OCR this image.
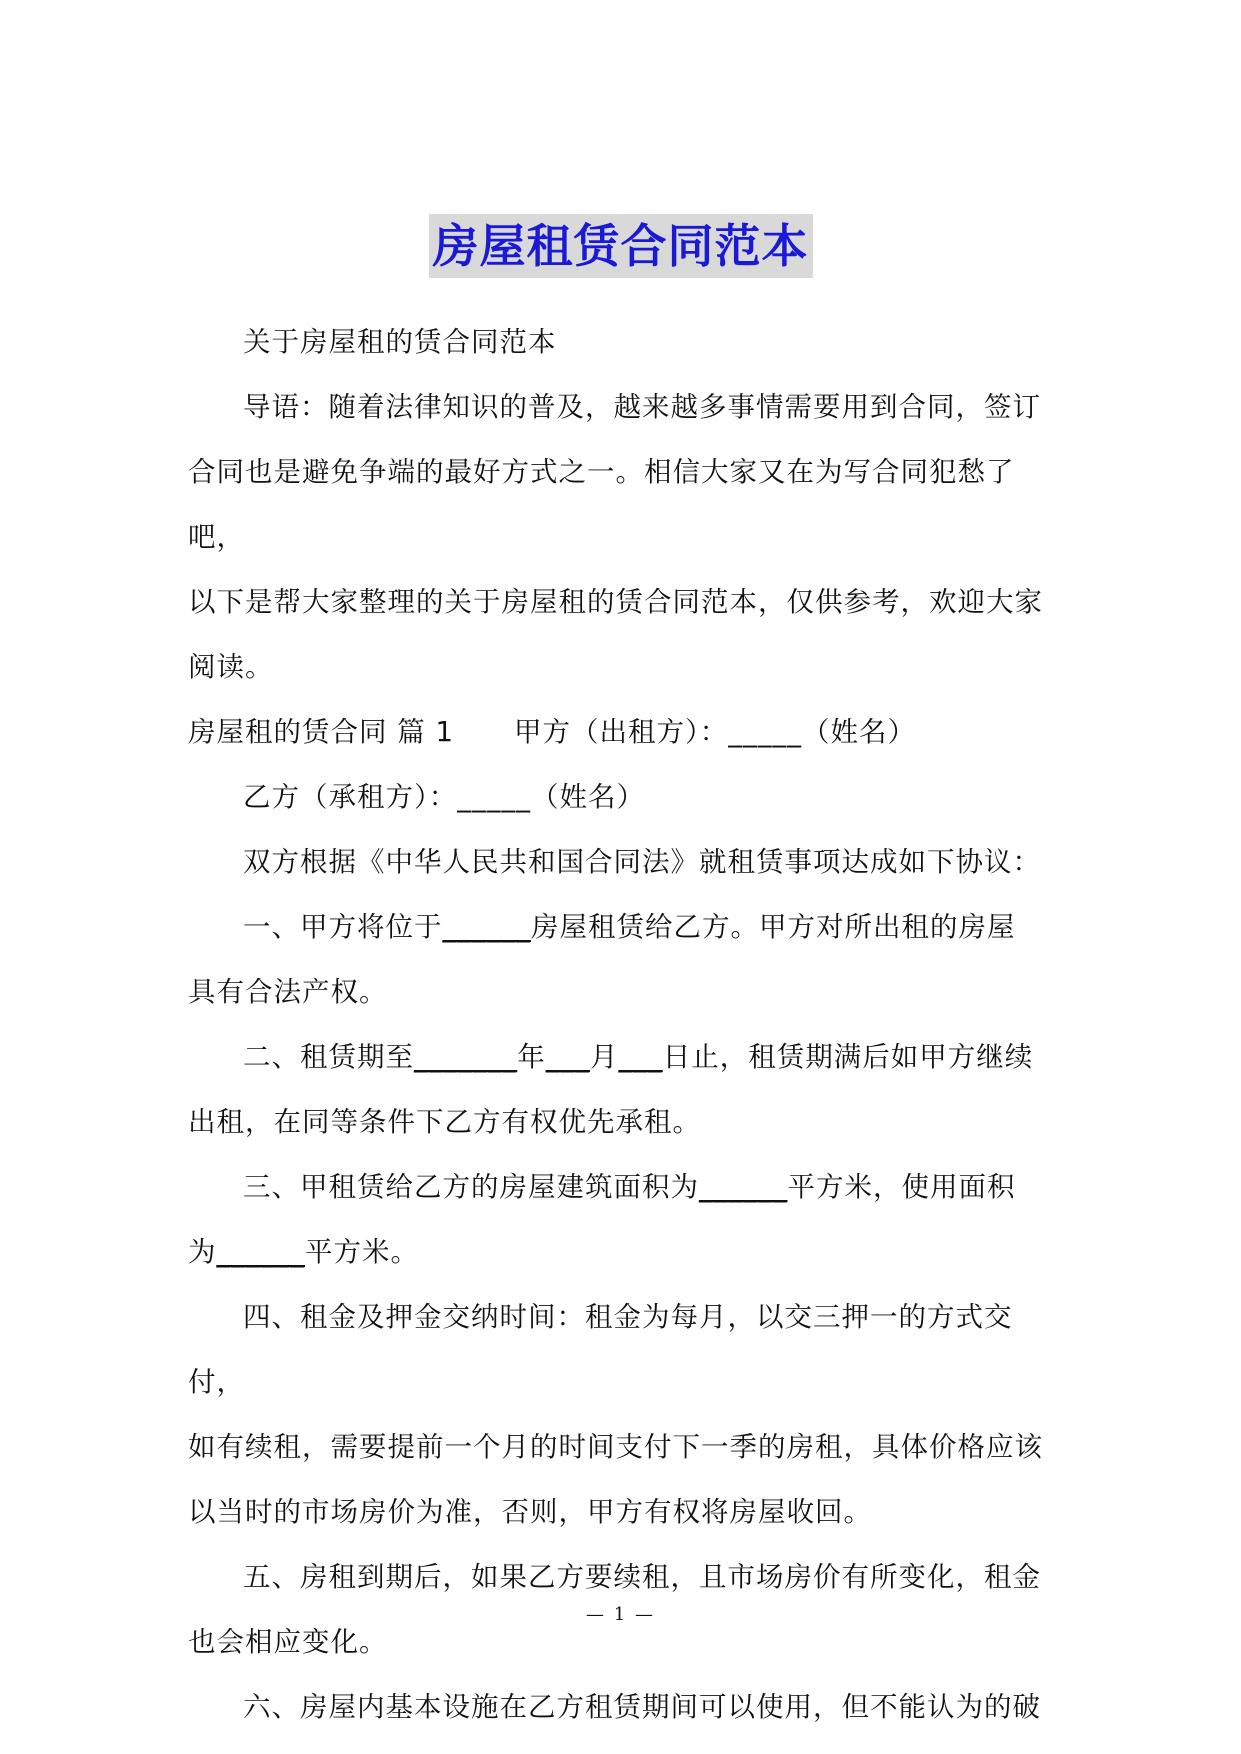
房屋租赁合同范本

关于房屋租的赁合同范本

导语：随着法律知识的普及，越来越多事情需要用到合同，签订

合同也是避免争端的最好方式之一。相信大家又在为写合同犯愁了吧，

以下是帮大家整理的关于房屋租的赁合同范本，仅供参考，欢迎大家

阅读。

房屋租的赁合同 篇 1 甲方（出租方）：_____（姓名）

乙方（承租方）：_____（姓名）

双方根据《中华人民共和国合同法》就租赁事项达成如下协议：

一、甲方将位于______房屋租赁给乙方。甲方对所出租的房屋

具有合法产权。

二、租赁期至_______年___月___日止，租赁期满后如甲方继续

出租，在同等条件下乙方有权优先承租。

三、甲租赁给乙方的房屋建筑面积为______平方米，使用面积

为______平方米。

四、租金及押金交纳时间：租金为每月，以交三押一的方式交付，

如有续租，需要提前一个月的时间支付下一季的房租，具体价格应该

以当时的市场房价为准，否则，甲方有权将房屋收回。

五、房租到期后，如果乙方要续租，且市场房价有所变化，租金

也会相应变化。

六、房屋内基本设施在乙方租赁期间可以使用，但不能认为的破

— 1 —
